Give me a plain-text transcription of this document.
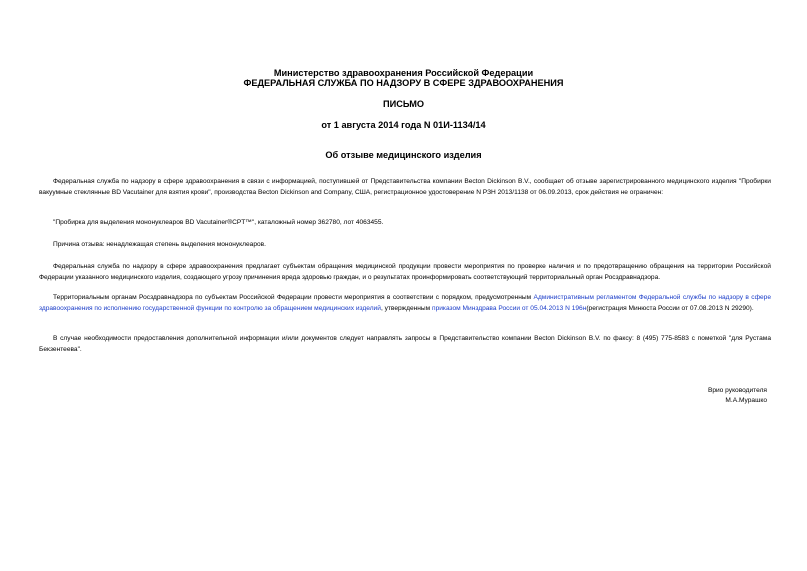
Министерство здравоохранения Российской Федерации
ФЕДЕРАЛЬНАЯ СЛУЖБА ПО НАДЗОРУ В СФЕРЕ ЗДРАВООХРАНЕНИЯ
ПИСЬМО
от 1 августа 2014 года N 01И-1134/14
Об отзыве медицинского изделия

Федеральная служба по надзору в сфере здравоохранения в связи с информацией, поступившей от Представительства компании Becton Dickinson B.V., сообщает об отзыве зарегистрированного медицинского изделия "Пробирки вакуумные стеклянные BD Vacutainer для взятия крови", производства Becton Dickinson and Company, США, регистрационное удостоверение N РЗН 2013/1138 от 06.09.2013, срок действия не ограничен:

"Пробирка для выделения мононуклеаров BD Vacutainer®CPT™", каталожный номер 362780, лот 4063455.

Причина отзыва: ненадлежащая степень выделения мононуклеаров.

Федеральная служба по надзору в сфере здравоохранения предлагает субъектам обращения медицинской продукции провести мероприятия по проверке наличия и по предотвращению обращения на территории Российской Федерации указанного медицинского изделия, создающего угрозу причинения вреда здоровью граждан, и о результатах проинформировать соответствующий территориальный орган Росздравнадзора.

Территориальным органам Росздравнадзора по субъектам Российской Федерации провести мероприятия в соответствии с порядком, предусмотренным Административным регламентом Федеральной службы по надзору в сфере здравоохранения по исполнению государственной функции по контролю за обращением медицинских изделий, утвержденным приказом Минздрава России от 05.04.2013 N 196н(регистрация Минюста России от 07.08.2013 N 29290).

В случае необходимости предоставления дополнительной информации и/или документов следует направлять запросы в Представительство компании Becton Dickinson B.V. по факсу: 8 (495) 775-8583 с пометкой "для Рустама Бекзентеева".

Врио руководителя
М.А.Мурашко
